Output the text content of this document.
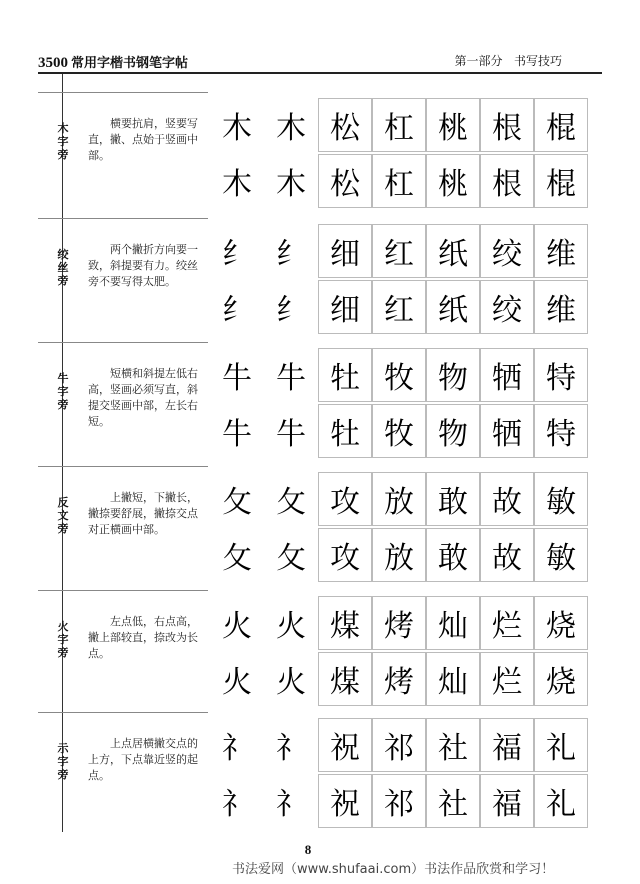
3500 常用字楷书钢笔字帖	第一部分 书写技巧
木字旁
横要抗肩，竖要写直，撇、点始于竖画中部。
木 木 松 杠 桃 根 棍
木 木 松 杠 桃 根 棍
绞丝旁
两个撇折方向要一致，斜提要有力。绞丝旁不要写得太肥。
纟 纟 细 红 纸 绞 维
纟 纟 细 红 纸 绞 维
牛字旁
短横和斜提左低右高，竖画必须写直，斜提交竖画中部，左长右短。
牛 牛 牡 牧 物 牺 特
牛 牛 牡 牧 物 牺 特
反文旁
上撇短，下撇长，撇捺要舒展，撇捺交点对正横画中部。
攵 攵 攻 放 敢 故 敏
攵 攵 攻 放 敢 故 敏
火字旁
左点低，右点高，撇上部较直，捺改为长点。
火 火 煤 烤 灿 烂 烧
火 火 煤 烤 灿 烂 烧
示字旁
上点居横撇交点的上方，下点靠近竖的起点。
礻 礻 祝 祁 社 福 礼
礻 礻 祝 祁 社 福 礼
8
书法爱网（www.shufaai.com）书法作品欣赏和学习！
